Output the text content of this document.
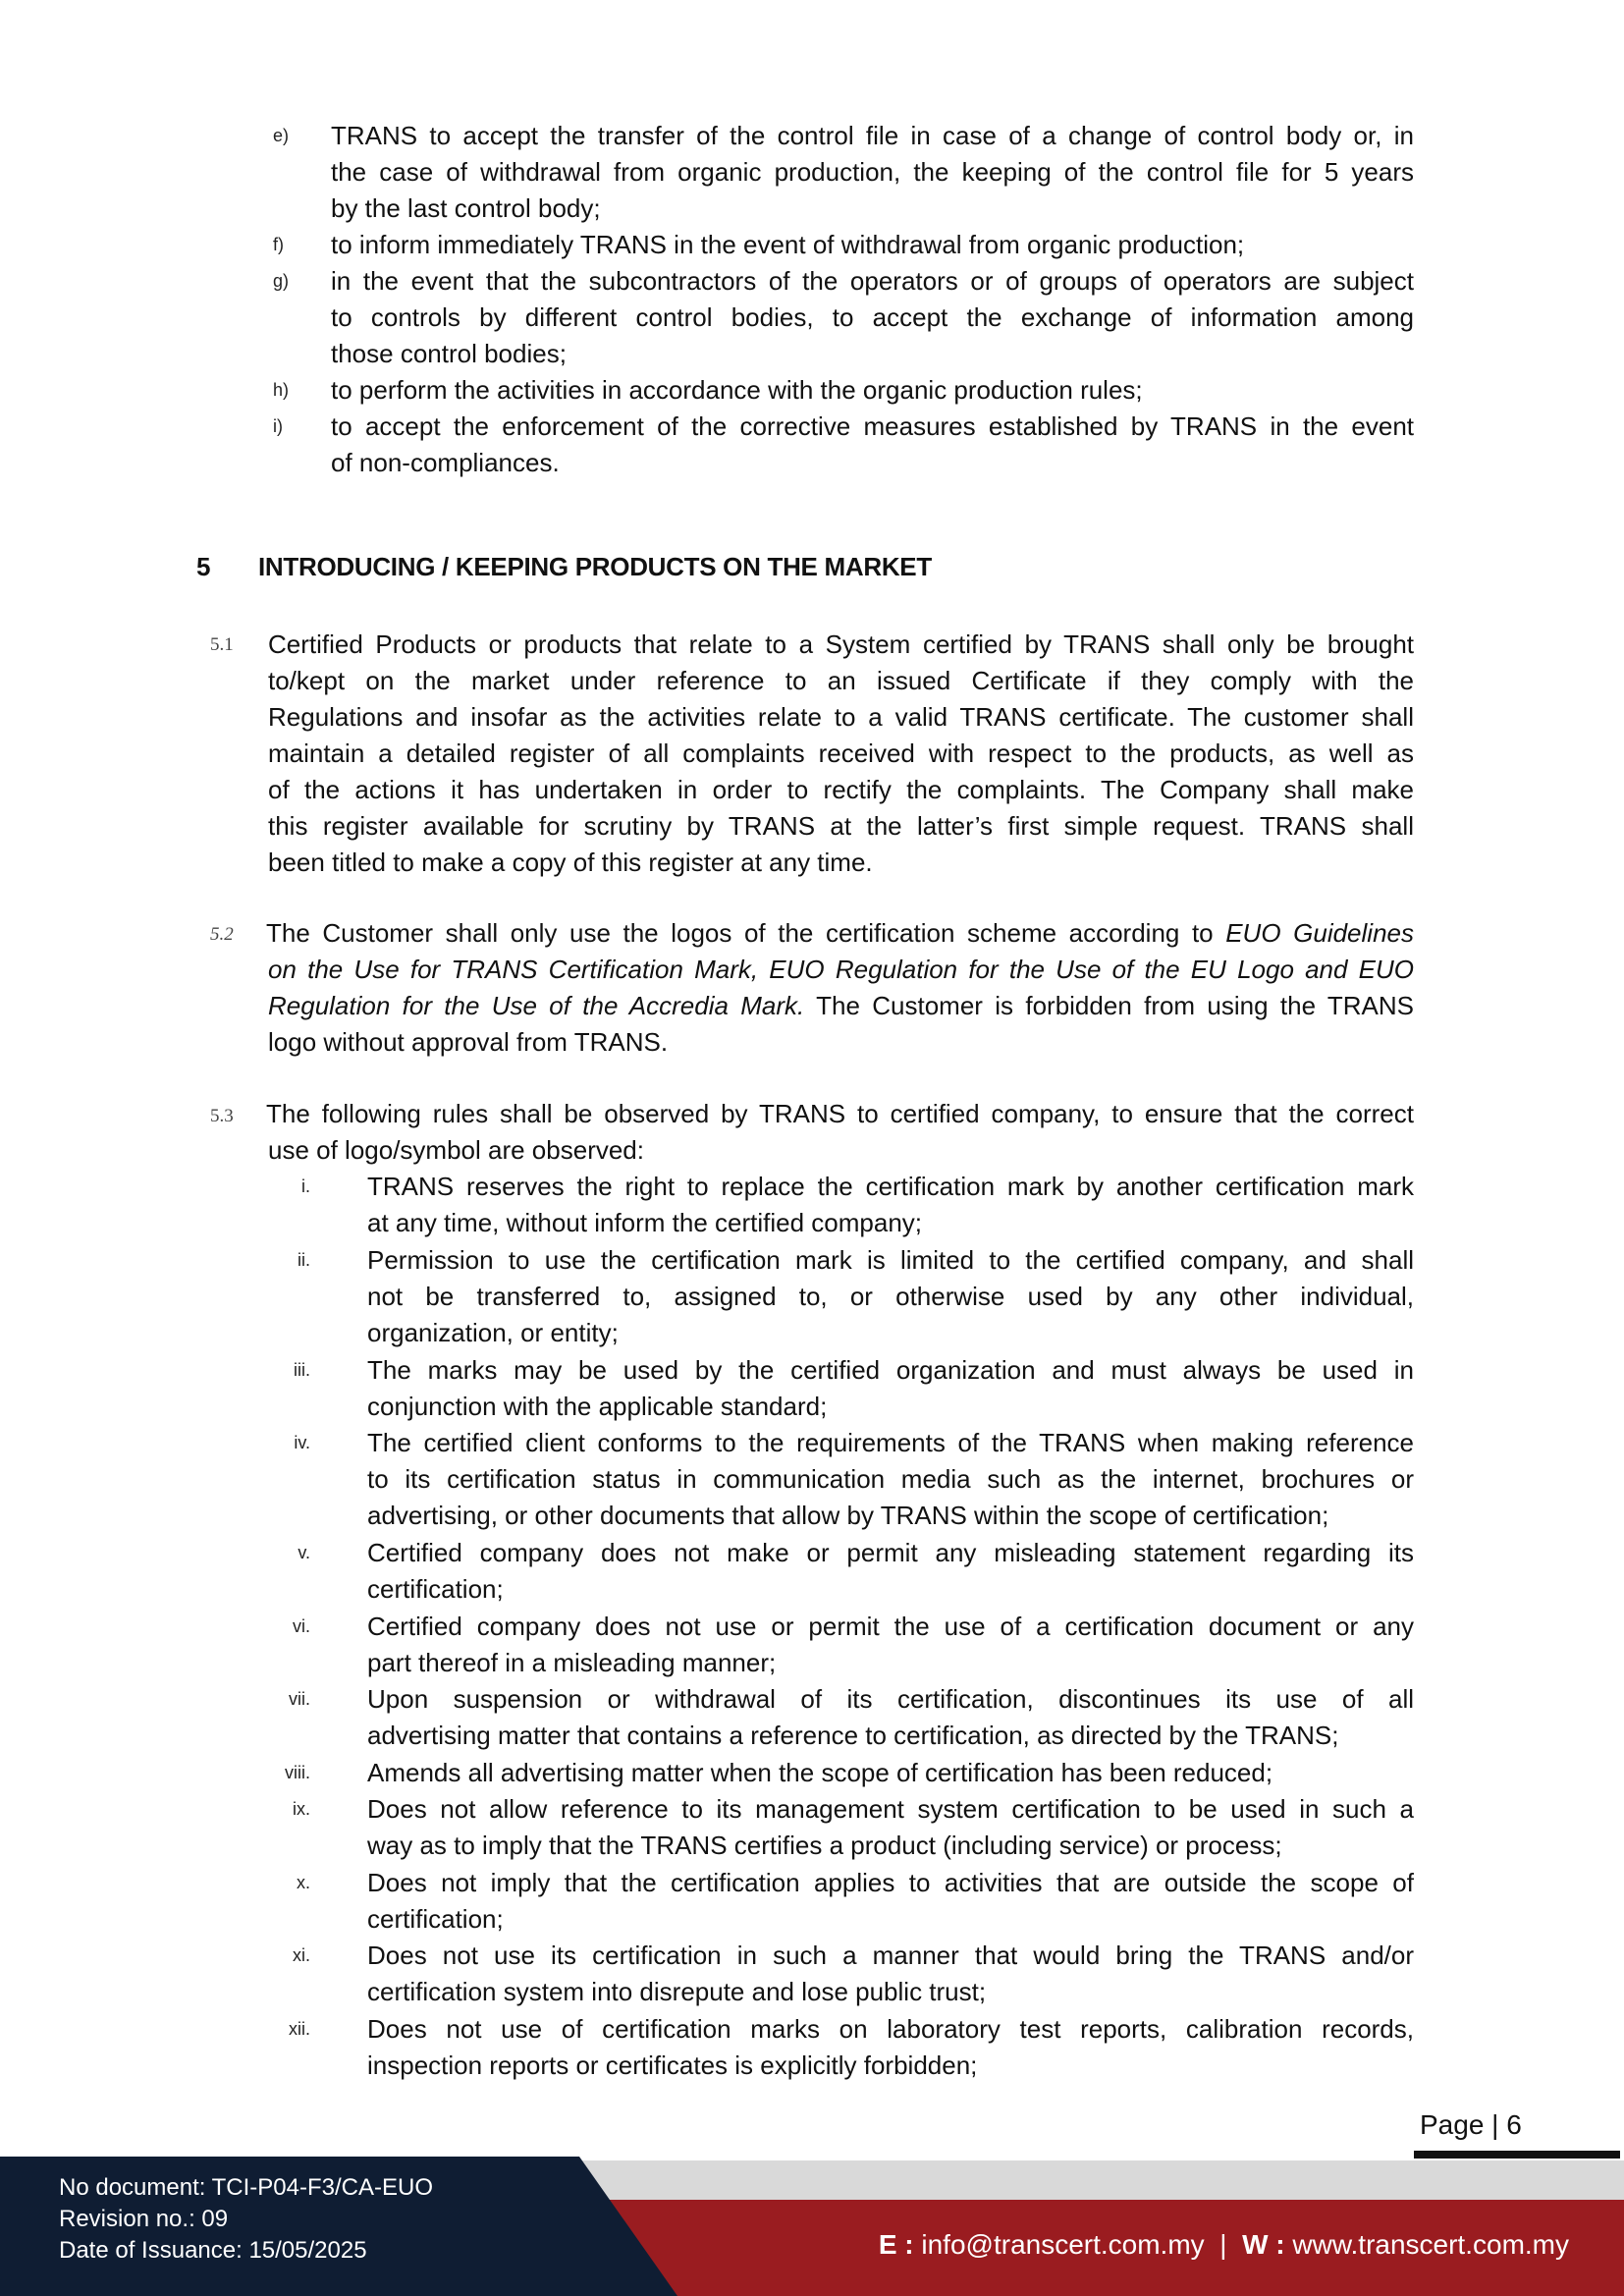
e) TRANS to accept the transfer of the control file in case of a change of control body or, in
the case of withdrawal from organic production, the keeping of the control file for 5 years
by the last control body;
f) to inform immediately TRANS in the event of withdrawal from organic production;
g) in the event that the subcontractors of the operators or of groups of operators are subject
to controls by different control bodies, to accept the exchange of information among
those control bodies;
h) to perform the activities in accordance with the organic production rules;
i) to accept the enforcement of the corrective measures established by TRANS in the event
of non-compliances.
5 INTRODUCING / KEEPING PRODUCTS ON THE MARKET
5.1 Certified Products or products that relate to a System certified by TRANS shall only be brought
to/kept on the market under reference to an issued Certificate if they comply with the
Regulations and insofar as the activities relate to a valid TRANS certificate. The customer shall
maintain a detailed register of all complaints received with respect to the products, as well as
of the actions it has undertaken in order to rectify the complaints. The Company shall make
this register available for scrutiny by TRANS at the latter’s first simple request. TRANS shall
been titled to make a copy of this register at any time.
5.2 The Customer shall only use the logos of the certification scheme according to EUO Guidelines
on the Use for TRANS Certification Mark, EUO Regulation for the Use of the EU Logo and EUO
Regulation for the Use of the Accredia Mark. The Customer is forbidden from using the TRANS
logo without approval from TRANS.
5.3 The following rules shall be observed by TRANS to certified company, to ensure that the correct
use of logo/symbol are observed:
i. TRANS reserves the right to replace the certification mark by another certification mark
at any time, without inform the certified company;
ii. Permission to use the certification mark is limited to the certified company, and shall
not be transferred to, assigned to, or otherwise used by any other individual,
organization, or entity;
iii. The marks may be used by the certified organization and must always be used in
conjunction with the applicable standard;
iv. The certified client conforms to the requirements of the TRANS when making reference
to its certification status in communication media such as the internet, brochures or
advertising, or other documents that allow by TRANS within the scope of certification;
v. Certified company does not make or permit any misleading statement regarding its
certification;
vi. Certified company does not use or permit the use of a certification document or any
part thereof in a misleading manner;
vii. Upon suspension or withdrawal of its certification, discontinues its use of all
advertising matter that contains a reference to certification, as directed by the TRANS;
viii. Amends all advertising matter when the scope of certification has been reduced;
ix. Does not allow reference to its management system certification to be used in such a
way as to imply that the TRANS certifies a product (including service) or process;
x. Does not imply that the certification applies to activities that are outside the scope of
certification;
xi. Does not use its certification in such a manner that would bring the TRANS and/or
certification system into disrepute and lose public trust;
xii. Does not use of certification marks on laboratory test reports, calibration records,
inspection reports or certificates is explicitly forbidden;
Page | 6
No document: TCI-P04-F3/CA-EUO
Revision no.: 09
Date of Issuance: 15/05/2025	E : info@transcert.com.my  |  W : www.transcert.com.my
